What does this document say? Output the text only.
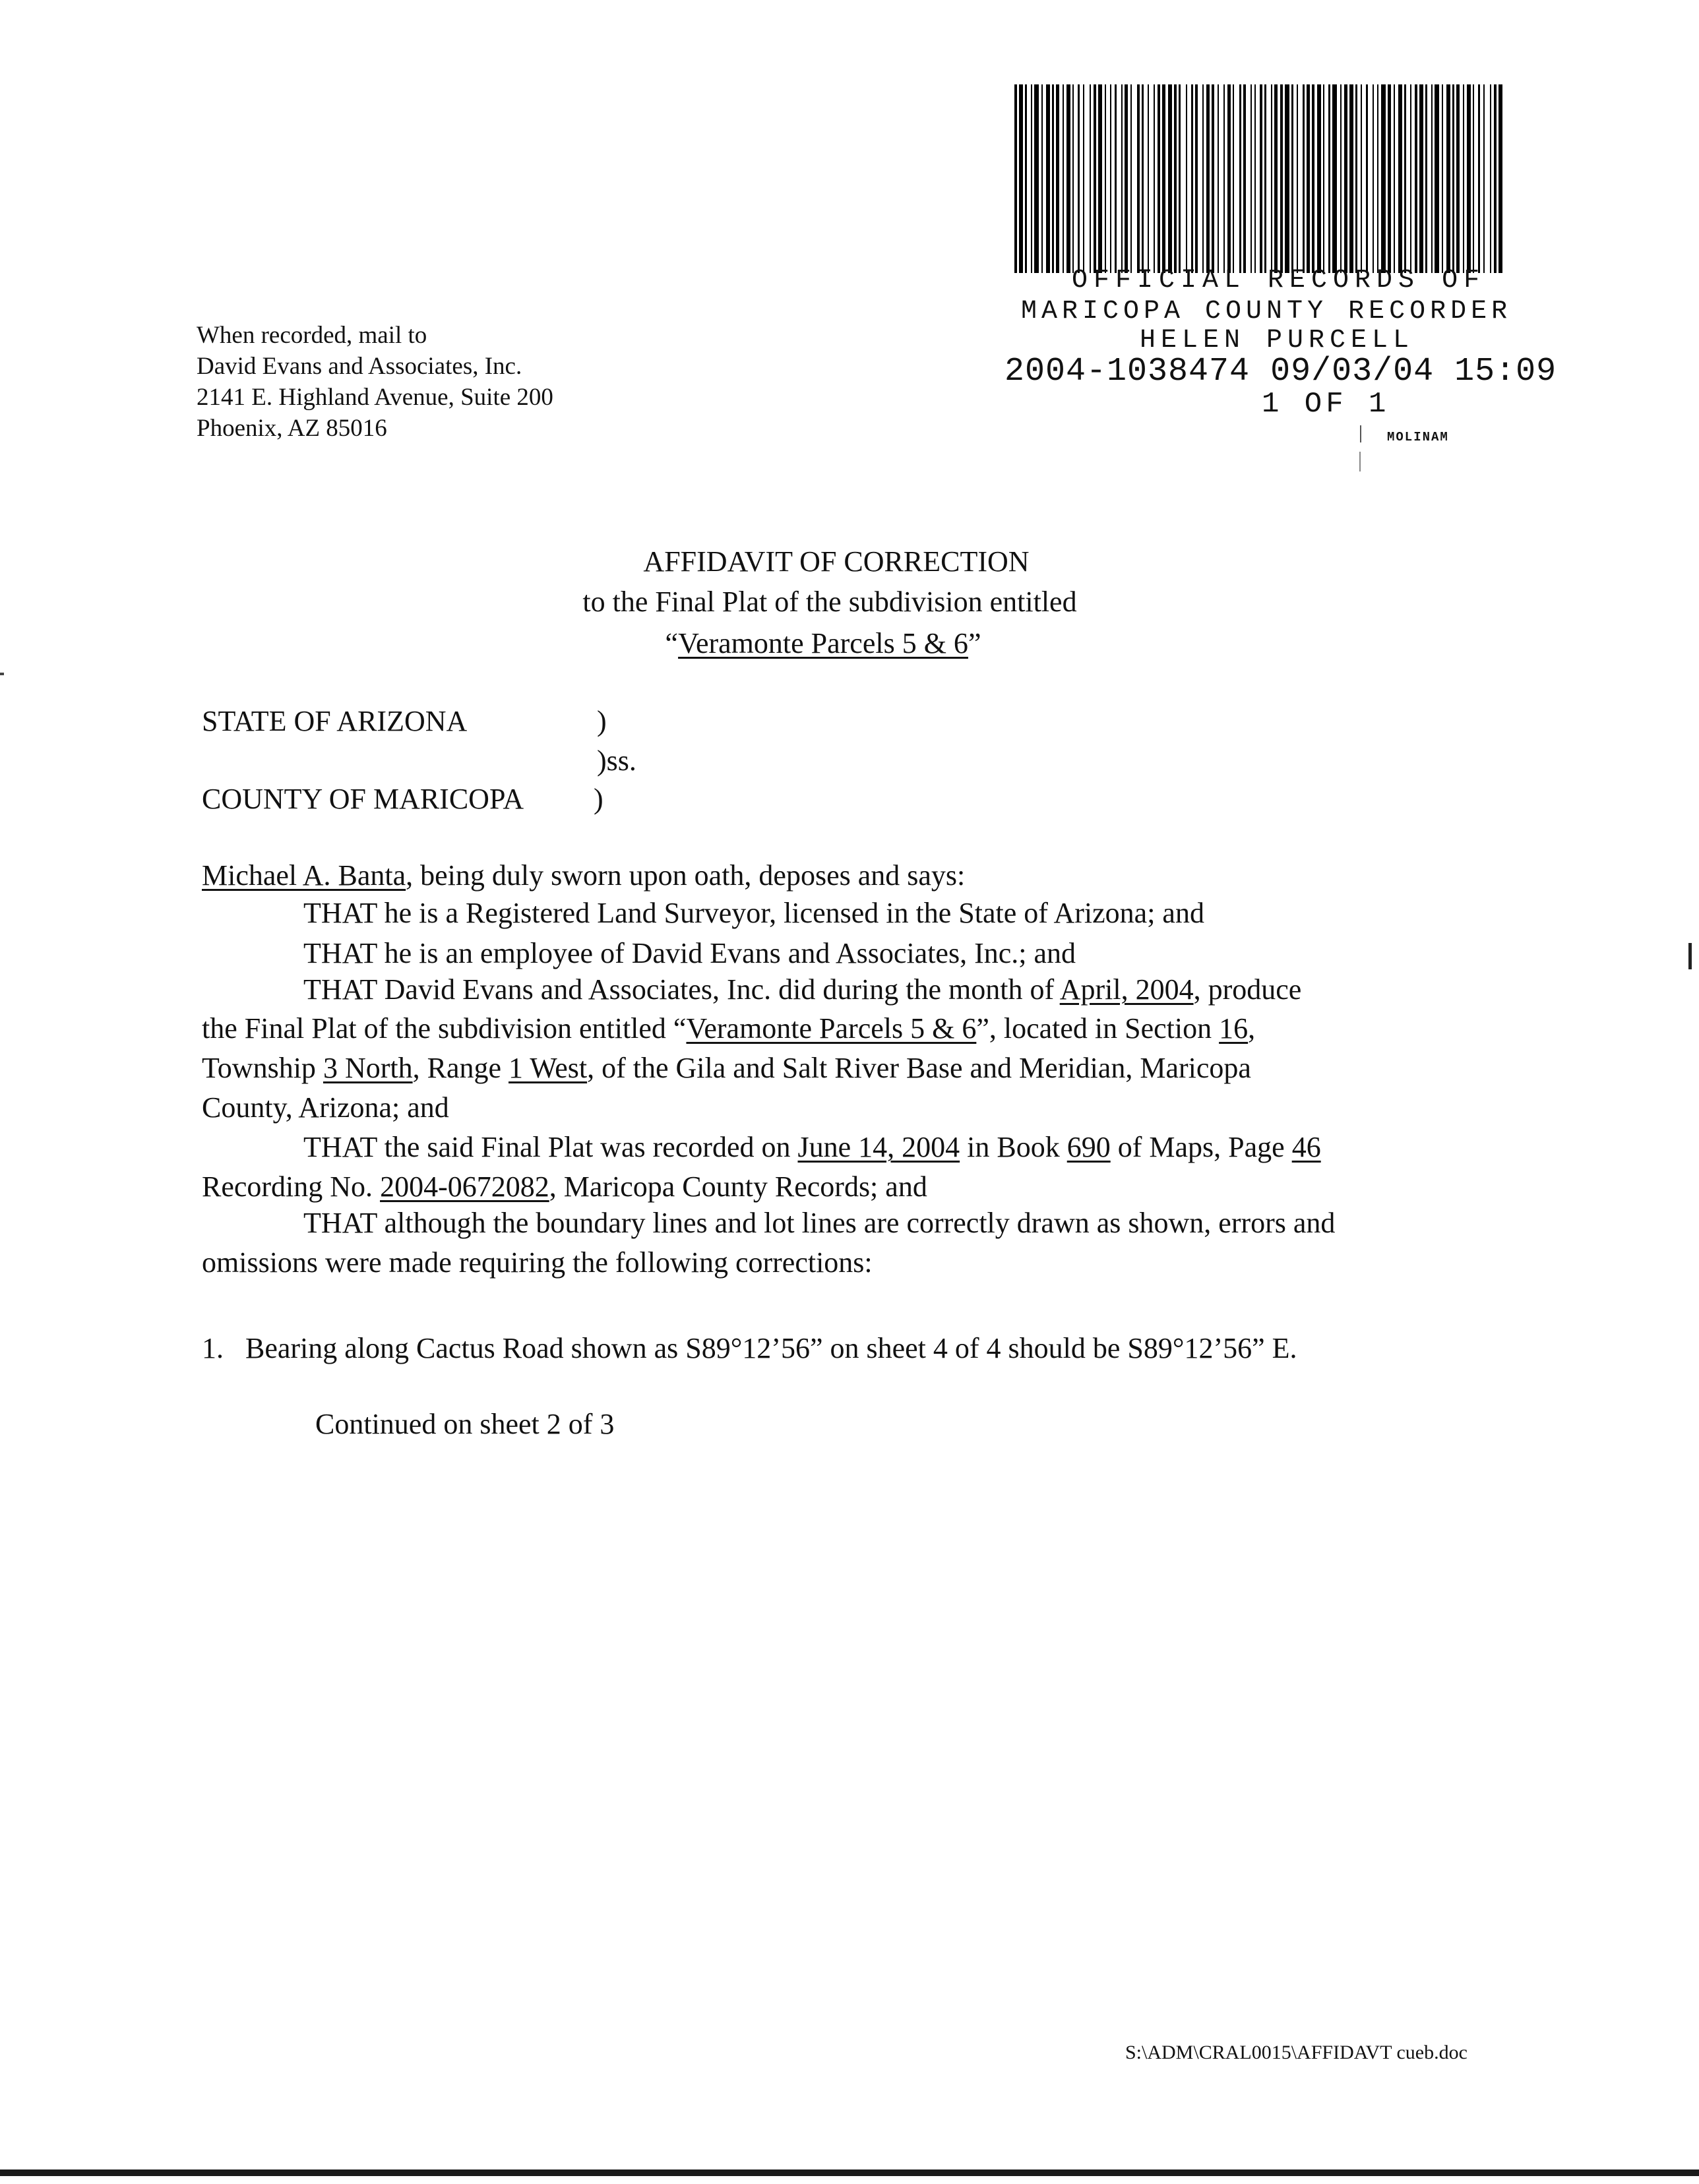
OFFICIAL RECORDS OF
MARICOPA COUNTY RECORDER
HELEN PURCELL
2004-1038474 09/03/04 15:09
1 OF 1
MOLINAM
When recorded, mail to
David Evans and Associates, Inc.
2141 E. Highland Avenue, Suite 200
Phoenix, AZ 85016
AFFIDAVIT OF CORRECTION
to the Final Plat of the subdivision entitled
“Veramonte Parcels 5 & 6”
STATE OF ARIZONA	)
)ss.
COUNTY OF MARICOPA )
Michael A. Banta, being duly sworn upon oath, deposes and says:
THAT he is a Registered Land Surveyor, licensed in the State of Arizona; and
THAT he is an employee of David Evans and Associates, Inc.; and
THAT David Evans and Associates, Inc. did during the month of April, 2004, produce
the Final Plat of the subdivision entitled “Veramonte Parcels 5 & 6”, located in Section 16,
Township 3 North, Range 1 West, of the Gila and Salt River Base and Meridian, Maricopa
County, Arizona; and
THAT the said Final Plat was recorded on June 14, 2004 in Book 690 of Maps, Page 46
Recording No. 2004-0672082, Maricopa County Records; and
THAT although the boundary lines and lot lines are correctly drawn as shown, errors and
omissions were made requiring the following corrections:
1.   Bearing along Cactus Road shown as S89°12’56” on sheet 4 of 4 should be S89°12’56” E.
Continued on sheet 2 of 3
S:\ADM\CRAL0015\AFFIDAVT cueb.doc
